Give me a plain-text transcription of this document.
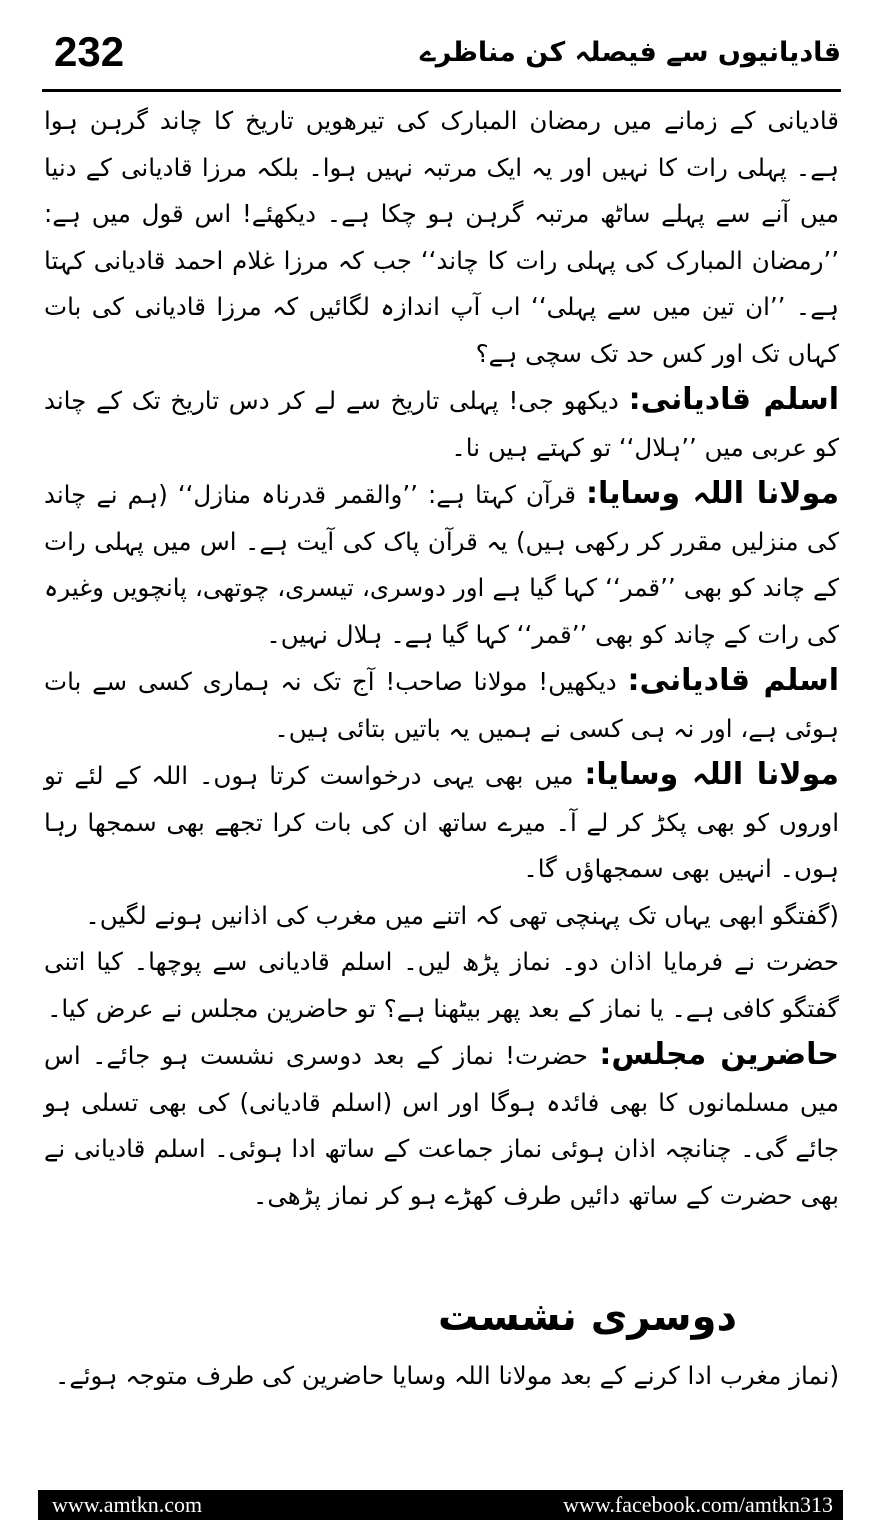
232	قادیانیوں سے فیصلہ کن مناظرے

قادیانی کے زمانے میں رمضان المبارک کی تیرھویں تاریخ کا چاند گرہن ہوا ہے۔ پہلی رات کا نہیں اور یہ ایک مرتبہ نہیں ہوا۔ بلکہ مرزا قادیانی کے دنیا میں آنے سے پہلے ساٹھ مرتبہ گرہن ہو چکا ہے۔ دیکھئے! اس قول میں ہے: ’’رمضان المبارک کی پہلی رات کا چاند‘‘ جب کہ مرزا غلام احمد قادیانی کہتا ہے۔ ’’ان تین میں سے پہلی‘‘ اب آپ اندازہ لگائیں کہ مرزا قادیانی کی بات کہاں تک اور کس حد تک سچی ہے؟

اسلم قادیانی: دیکھو جی! پہلی تاریخ سے لے کر دس تاریخ تک کے چاند کو عربی میں ’’ہلال‘‘ تو کہتے ہیں نا۔

مولانا اللہ وسایا: قرآن کہتا ہے: ’’والقمر قدرناہ منازل‘‘ (ہم نے چاند کی منزلیں مقرر کر رکھی ہیں) یہ قرآن پاک کی آیت ہے۔ اس میں پہلی رات کے چاند کو بھی ’’قمر‘‘ کہا گیا ہے اور دوسری، تیسری، چوتھی، پانچویں وغیرہ کی رات کے چاند کو بھی ’’قمر‘‘ کہا گیا ہے۔ ہلال نہیں۔

اسلم قادیانی: دیکھیں! مولانا صاحب! آج تک نہ ہماری کسی سے بات ہوئی ہے، اور نہ ہی کسی نے ہمیں یہ باتیں بتائی ہیں۔

مولانا اللہ وسایا: میں بھی یہی درخواست کرتا ہوں۔ اللہ کے لئے تو اوروں کو بھی پکڑ کر لے آ۔ میرے ساتھ ان کی بات کرا تجھے بھی سمجھا رہا ہوں۔ انہیں بھی سمجھاؤں گا۔

(گفتگو ابھی یہاں تک پہنچی تھی کہ اتنے میں مغرب کی اذانیں ہونے لگیں۔

حضرت نے فرمایا اذان دو۔ نماز پڑھ لیں۔ اسلم قادیانی سے پوچھا۔ کیا اتنی گفتگو کافی ہے۔ یا نماز کے بعد پھر بیٹھنا ہے؟ تو حاضرین مجلس نے عرض کیا۔

حاضرین مجلس: حضرت! نماز کے بعد دوسری نشست ہو جائے۔ اس میں مسلمانوں کا بھی فائدہ ہوگا اور اس (اسلم قادیانی) کی بھی تسلی ہو جائے گی۔ چنانچہ اذان ہوئی نماز جماعت کے ساتھ ادا ہوئی۔ اسلم قادیانی نے بھی حضرت کے ساتھ دائیں طرف کھڑے ہو کر نماز پڑھی۔

دوسری نشست

(نماز مغرب ادا کرنے کے بعد مولانا اللہ وسایا حاضرین کی طرف متوجہ ہوئے۔

www.amtkn.com	www.facebook.com/amtkn313
